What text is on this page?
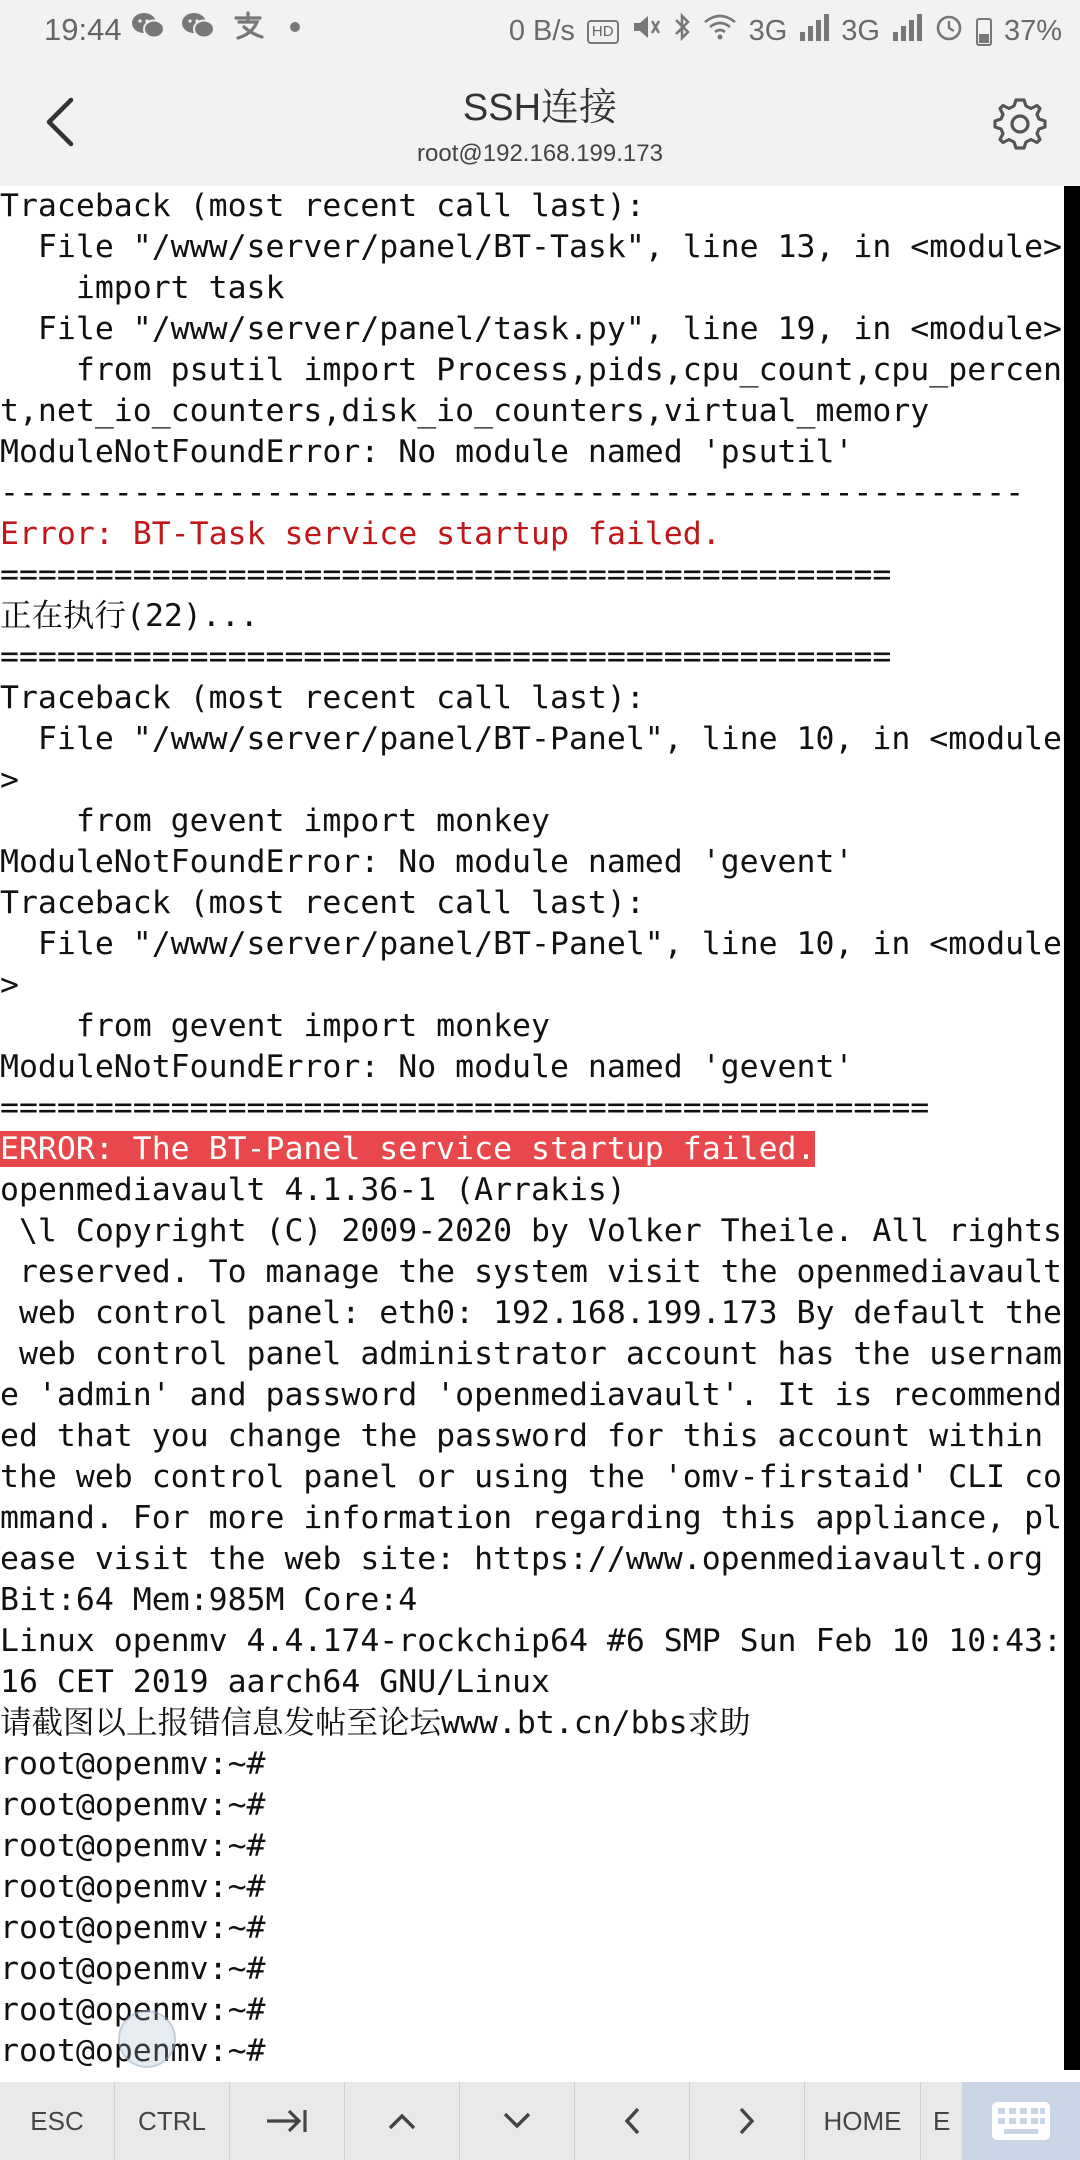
19:44	0 B/s	HD	3G 3G	37%
SSH连接
root@192.168.199.173
Traceback (most recent call last):
File "/www/server/panel/BT-Task", line 13, in <module>
import task
File "/www/server/panel/task.py", line 19, in <module>
from psutil import Process,pids,cpu_count,cpu_percen
t,net_io_counters,disk_io_counters,virtual_memory
ModuleNotFoundError: No module named 'psutil'
------------------------------------------------------
Error: BT-Task service startup failed.
===============================================
正在执行(22)...
===============================================
Traceback (most recent call last):
File "/www/server/panel/BT-Panel", line 10, in <module
>
from gevent import monkey
ModuleNotFoundError: No module named 'gevent'
Traceback (most recent call last):
File "/www/server/panel/BT-Panel", line 10, in <module
>
from gevent import monkey
ModuleNotFoundError: No module named 'gevent'
=================================================
ERROR: The BT-Panel service startup failed.
openmediavault 4.1.36-1 (Arrakis)
\l Copyright (C) 2009-2020 by Volker Theile. All rights
reserved. To manage the system visit the openmediavault
web control panel: eth0: 192.168.199.173 By default the
web control panel administrator account has the usernam
e 'admin' and password 'openmediavault'. It is recommend
ed that you change the password for this account within
the web control panel or using the 'omv-firstaid' CLI co
mmand. For more information regarding this appliance, pl
ease visit the web site: https://www.openmediavault.org
Bit:64 Mem:985M Core:4
Linux openmv 4.4.174-rockchip64 #6 SMP Sun Feb 10 10:43:
16 CET 2019 aarch64 GNU/Linux
请截图以上报错信息发帖至论坛www.bt.cn/bbs求助
root@openmv:~#
root@openmv:~#
root@openmv:~#
root@openmv:~#
root@openmv:~#
root@openmv:~#
root@openmv:~#
root@openmv:~#
ESC CTRL	HOME E
